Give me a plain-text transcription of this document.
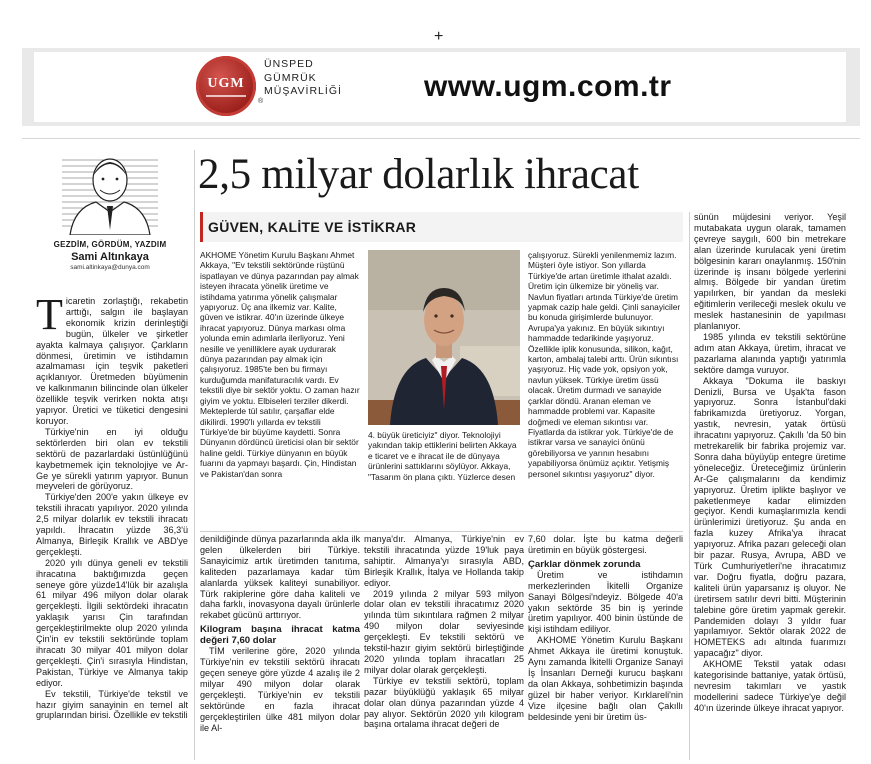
+
UGM
ÜNSPED
GÜMRÜK
MÜŞAVİRLİĞİ
®	www.ugm.com.tr
GEZDİM, GÖRDÜM, YAZDIM
Sami Altınkaya
sami.altinkaya@dunya.com
2,5 milyar dolarlık ihracat
GÜVEN, KALİTE VE İSTİKRAR
T icaretin zorlaştığı, rekabetin arttığı, salgın ile başlayan ekonomik krizin derinleştiği bugün, ülkeler ve şirketler ayakta kalmaya çalışıyor. Çarkların dönmesi, üretimin ve istihdamın azalmaması için teşvik paketleri açıklanıyor. Üretmeden büyümenin ve kalkınmanın bilincinde olan ülkeler özellikle teşvik verirken nokta atışı yapıyor. Üretici ve tüketici dengesini koruyor.

Türkiye'nin en iyi olduğu sektörlerden biri olan ev tekstili sektörü de pazarlardaki üstünlüğünü kaybetmemek için teknolojiye ve Ar-Ge ye sürekli yatırım yapıyor. Bunun meyveleri de görüyoruz.

Türkiye'den 200'e yakın ülkeye ev tekstili ihracatı yapılıyor. 2020 yılında 2,5 milyar dolarlık ev tekstili ihracatı yapıldı. İhracatın yüzde 36,3'ü Almanya, Birleşik Krallık ve ABD'ye gerçekleşti.

2020 yılı dünya geneli ev tekstili ihracatına baktığımızda geçen seneye göre yüzde14'lük bir azalışla 61 milyar 496 milyon dolar olarak gerçekleşti. İlgili sektördeki ihracatın yaklaşık yarısı Çin tarafından gerçekleştirilmekte olup 2020 yılında Çin'in ev tekstili sektöründe toplam ihracatı 30 milyar 401 milyon dolar gerçekleşti. Çin'i sırasıyla Hindistan, Pakistan, Türkiye ve Almanya takip ediyor.

Ev tekstili, Türkiye'de tekstil ve hazır giyim sanayinin en temel alt gruplarından birisi. Özellikle ev tekstili

AKHOME Yönetim Kurulu Başkanı Ahmet Akkaya, "Ev tekstili sektöründe rüştünü ispatlayan ve dünya pazarından pay almak isteyen ihracata yönelik üretime ve istihdama yatırıma yönelik çalışmalar yapıyoruz. Üç ana ilkemiz var. Kalite, güven ve istikrar. 40'ın üzerinde ülkeye ihracat yapıyoruz. Dünya markası olma yolunda emin adımlarla ilerliyoruz. Yeni nesille ve yenilliklere ayak uydurarak dünya pazarından pay almak için çalışıyoruz. 1985'te ben bu firmayı kurduğumda manifaturacılık vardı. Ev tekstili diye bir sektör yoktu. O zaman hazır giyim ve yoktu. Elbiseleri terziler dikerdi. Mekteplerde tül satılır, çarşaflar elde dikilirdi. 1990'lı yıllarda ev tekstili Türkiye'de bir büyüme kaydetti. Sonra Dünyanın dördüncü üreticisi olan bir sektör haline geldi. Türkiye dünyanın en büyük fuarını da yapmayı başardı. Çin, Hindistan ve Pakistan'dan sonra

4. büyük üreticiyiz" diyor. Teknolojiyi yakından takip ettiklerini belirten Akkaya e ticaret ve e ihracat ile de dünyaya ürünlerini sattıklarını söylüyor. Akkaya, "Tasarım ön plana çıktı. Yüzlerce desen

çalışıyoruz. Sürekli yenilenmemiz lazım. Müşteri öyle istiyor. Son yıllarda Türkiye'de artan üretimle ithalat azaldı. Üretim için ülkemize bir yöneliş var. Navlun fiyatları artında Türkiye'de üretim yapmak cazip hale geldi. Çinli sanayiciler bu konuda girişimlerde bulunuyor. Avrupa'ya yakınız. En büyük sıkıntıyı hammadde tedarikinde yaşıyoruz. Özellikle iplik konusunda, silikon, kağıt, karton, ambalaj talebi arttı. Ürün sıkıntısı yaşıyoruz. Hiç vade yok, opsiyon yok, navlun yüksek. Türkiye üretim üssü olacak. Üretim durmadı ve sanayide çarklar döndü. Aranan eleman ve hammadde problemi var. Kapasite doğmedi ve eleman sıkıntısı var. Fiyatlarda da istikrar yok. Türkiye'de de istikrar varsa ve sanayici önünü görebiliyorsa ve yarının hesabını yapabiliyorsa önümüz açıktır. Yetişmiş personel sıkıntısı yaşıyoruz" diyor.

denildiğinde dünya pazarlarında akla ilk gelen ülkelerden biri Türkiye. Sanayicimiz artık üretimden tanıtıma, kaliteden pazarlamaya kadar tüm alanlarda yüksek kaliteyi sunabiliyor. Türk rakiplerine göre daha kaliteli ve daha farklı, inovasyona dayalı ürünlerle rekabet gücünü arttırıyor.

Kilogram başına ihracat katma değeri 7,60 dolar

TİM verilerine göre, 2020 yılında Türkiye'nin ev tekstili sektörü ihracatı geçen seneye göre yüzde 4 azalış ile 2 milyar 490 milyon dolar olarak gerçekleşti. Türkiye'nin ev tekstili sektöründe en fazla ihracat gerçekleştirilen ülke 481 milyon dolar ile Al-

manya'dır. Almanya, Türkiye'nin ev tekstili ihracatında yüzde 19'luk paya sahiptir. Almanya'yı sırasıyla ABD, Birleşik Krallık, İtalya ve Hollanda takip ediyor.

2019 yılında 2 milyar 593 milyon dolar olan ev tekstili ihracatımız 2020 yılında tüm sıkıntılara rağmen 2 milyar 490 milyon dolar seviyesinde gerçekleşti. Ev tekstili sektörü ve tekstil-hazır giyim sektörü birleştiğinde 2020 yılında toplam ihracatları 25 milyar dolar olarak gerçekleşti.

Türkiye ev tekstili sektörü, toplam pazar büyüklüğü yaklaşık 65 milyar dolar olan dünya pazarından yüzde 4 pay alıyor. Sektörün 2020 yılı kilogram başına ortalama ihracat değeri de

7,60 dolar. İşte bu katma değerli üretimin en büyük göstergesi.

Çarklar dönmek zorunda

Üretim ve istihdamın merkezlerinden İkitelli Organize Sanayi Bölgesi'ndeyiz. Bölgede 40'a yakın sektörde 35 bin iş yerinde üretim yapılıyor. 400 binin üstünde de kişi istihdam ediliyor.

AKHOME Yönetim Kurulu Başkanı Ahmet Akkaya ile üretimi konuştuk. Aynı zamanda İkitelli Organize Sanayi İş İnsanları Derneği kurucu başkanı da olan Akkaya, sohbetimizin başında güzel bir haber veriyor. Kırklareli'nin Vize ilçesine bağlı olan Çakıllı beldesinde yeni bir üretim üs-

sünün müjdesini veriyor. Yeşil mutabakata uygun olarak, tamamen çevreye saygılı, 600 bin metrekare alan üzerinde kurulacak yeni üretim bölgesinin kararı onaylanmış. 150'nin üzerinde iş insanı bölgede yerlerini almış. Bölgede bir yandan üretim yapılırken, bir yandan da mesleki eğitimlerin verileceği meslek okulu ve meslek hastanesinin de yapılması planlanıyor.

1985 yılında ev tekstili sektörüne adım atan Akkaya, üretim, ihracat ve pazarlama alanında yaptığı yatırımla sektöre damga vuruyor.

Akkaya "Dokuma ile baskıyı Denizli, Bursa ve Uşak'ta fason yapıyoruz. Sonra İstanbul'daki fabrikamızda üretiyoruz. Yorgan, yastık, nevresin, yatak örtüsü ihracatını yapıyoruz. Çakıllı 'da 50 bin metrekarelik bir fabrika projemiz var. Sonra daha büyüyüp entegre üretime yöneleceğiz. Üreteceğimiz ürünlerin Ar-Ge çalışmalarını da kendimiz yapıyoruz. Üretim iplikte başlıyor ve paketlenmeye kadar elimizden geçiyor. Kendi kumaşlarımızla kendi ürünlerimizi üretiyoruz. Şu anda en fazla kuzey Afrika'ya ihracat yapıyoruz. Afrika pazarı geleceği olan bir pazar. Rusya, Avrupa, ABD ve Türk Cumhuriyetleri'ne ihracatımız var. Doğru fiyatla, doğru pazara, kaliteli ürün yaparsanız iş oluyor. Ne üretirsem satılır devri bitti. Müşterinin talebine göre üretim yapmak gerekir. Pandemiden dolayı 3 yıldır fuar yapılamıyor. Sektör olarak 2022 de HOMETEKS adı altında fuarımızı yapacağız" diyor.

AKHOME Tekstil yatak odası kategorisinde battaniye, yatak örtüsü, nevresim takımları ve yastık modellerini sadece Türkiye'ye değil 40'ın üzerinde ülkeye ihracat yapıyor.
